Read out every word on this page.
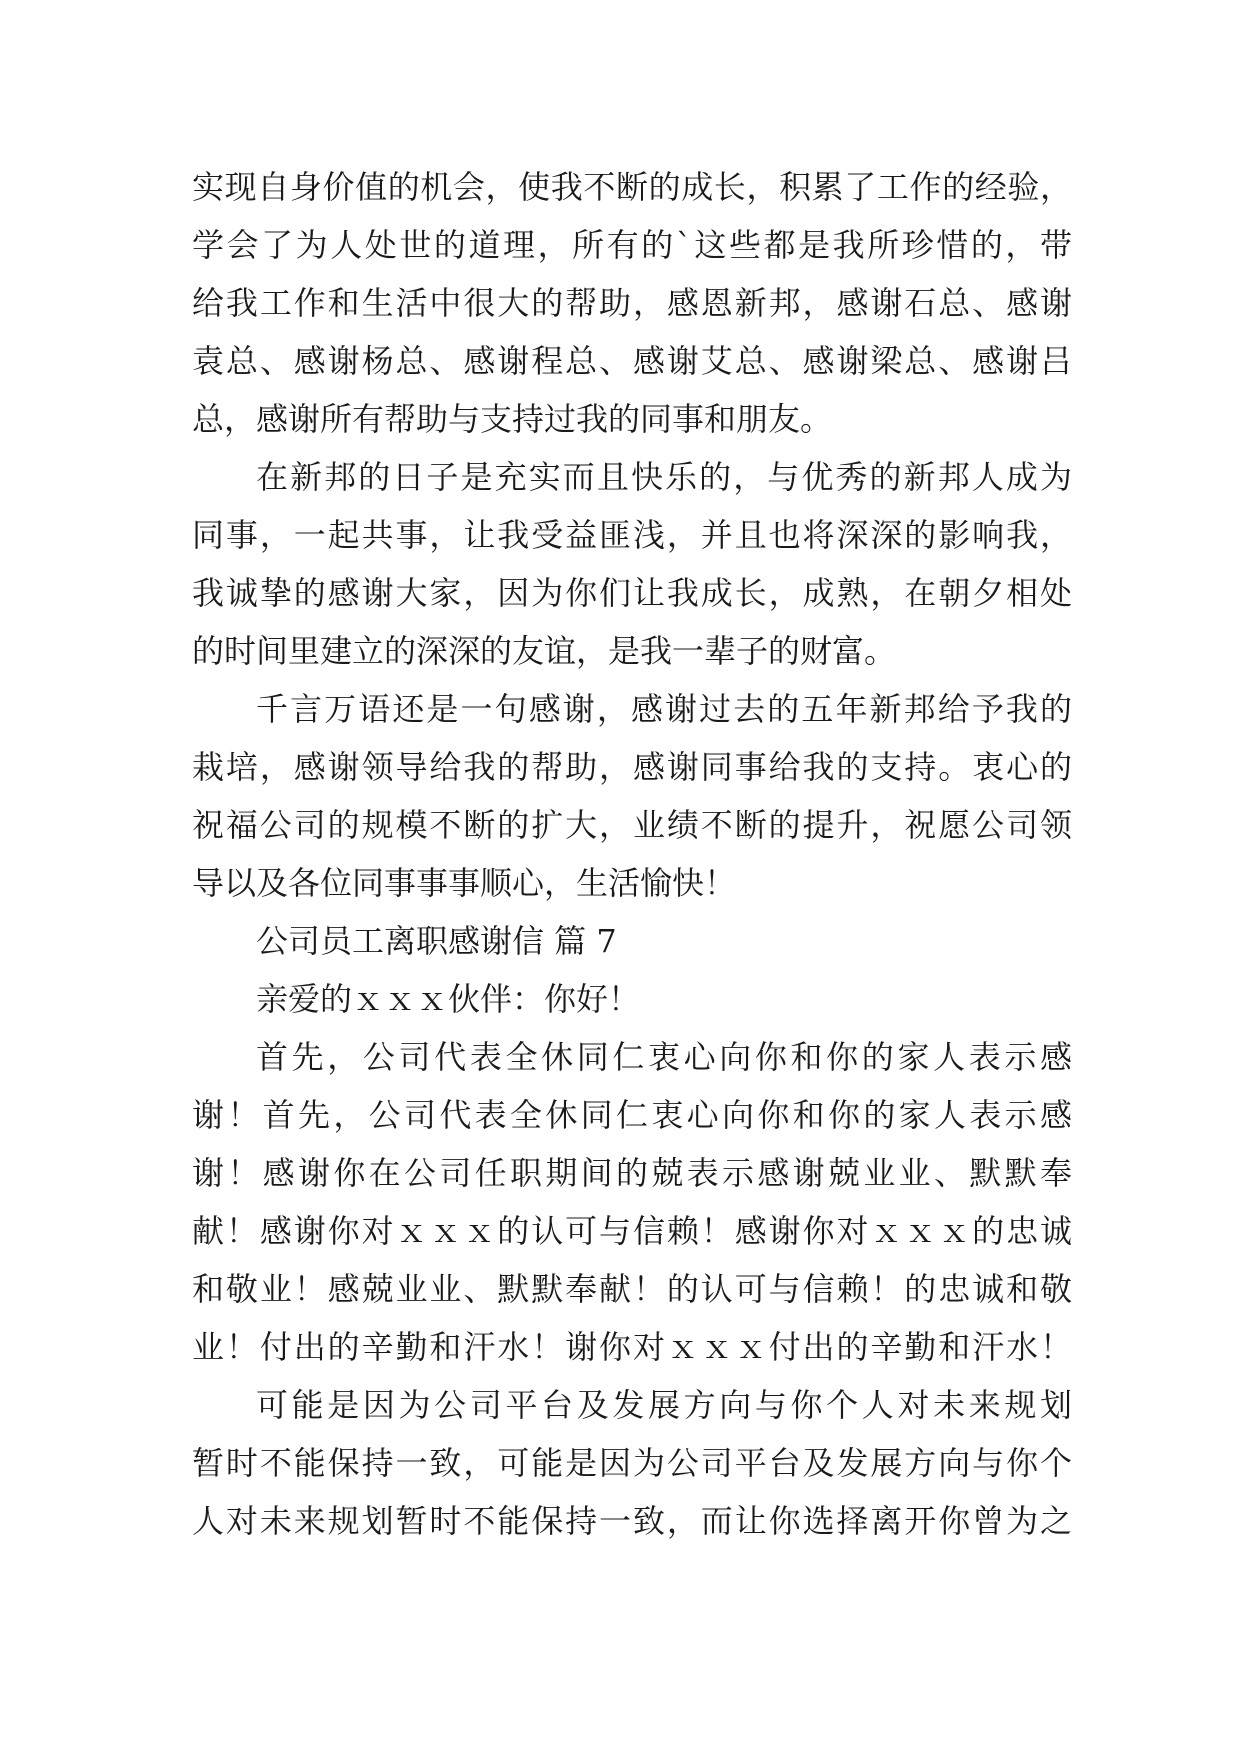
实现自身价值的机会，使我不断的成长，积累了工作的经验，
学会了为人处世的道理，所有的`这些都是我所珍惜的，带
给我工作和生活中很大的帮助，感恩新邦，感谢石总、感谢
袁总、感谢杨总、感谢程总、感谢艾总、感谢梁总、感谢吕
总，感谢所有帮助与支持过我的同事和朋友。
在新邦的日子是充实而且快乐的，与优秀的新邦人成为
同事，一起共事，让我受益匪浅，并且也将深深的影响我，
我诚挚的感谢大家，因为你们让我成长，成熟，在朝夕相处
的时间里建立的深深的友谊，是我一辈子的财富。
千言万语还是一句感谢，感谢过去的五年新邦给予我的
栽培，感谢领导给我的帮助，感谢同事给我的支持。衷心的
祝福公司的规模不断的扩大，业绩不断的提升，祝愿公司领
导以及各位同事事事顺心，生活愉快！
公司员工离职感谢信 篇 7
亲爱的ｘｘｘ伙伴：你好！
首先，公司代表全休同仁衷心向你和你的家人表示感
谢！首先，公司代表全休同仁衷心向你和你的家人表示感
谢！感谢你在公司任职期间的兢表示感谢兢业业、默默奉
献！感谢你对ｘｘｘ的认可与信赖！感谢你对ｘｘｘ的忠诚
和敬业！感兢业业、默默奉献！的认可与信赖！的忠诚和敬
业！付出的辛勤和汗水！谢你对ｘｘｘ付出的辛勤和汗水！
可能是因为公司平台及发展方向与你个人对未来规划
暂时不能保持一致，可能是因为公司平台及发展方向与你个
人对未来规划暂时不能保持一致，而让你选择离开你曾为之
